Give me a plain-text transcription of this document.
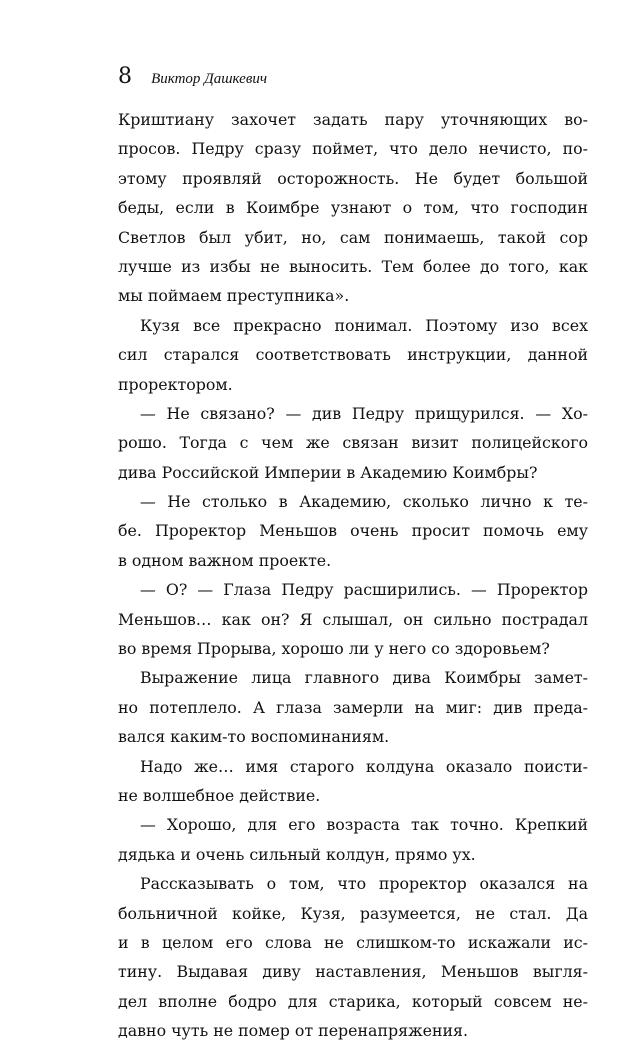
8 Виктор Дашкевич
Криштиану захочет задать пару уточняющих во-
просов. Педру сразу поймет, что дело нечисто, по-
этому проявляй осторожность. Не будет большой
беды, если в Коимбре узнают о том, что господин
Светлов был убит, но, сам понимаешь, такой сор
лучше из избы не выносить. Тем более до того, как
мы поймаем преступника».
Кузя все прекрасно понимал. Поэтому изо всех
сил старался соответствовать инструкции, данной
проректором.
— Не связано? — див Педру прищурился. — Хо-
рошо. Тогда с чем же связан визит полицейского
дива Российской Империи в Академию Коимбры?
— Не столько в Академию, сколько лично к те-
бе. Проректор Меньшов очень просит помочь ему
в одном важном проекте.
— О? — Глаза Педру расширились. — Проректор
Меньшов… как он? Я слышал, он сильно пострадал
во время Прорыва, хорошо ли у него со здоровьем?
Выражение лица главного дива Коимбры замет-
но потеплело. А глаза замерли на миг: див преда-
вался каким-то воспоминаниям.
Надо же… имя старого колдуна оказало поисти-
не волшебное действие.
— Хорошо, для его возраста так точно. Крепкий
дядька и очень сильный колдун, прямо ух.
Рассказывать о том, что проректор оказался на
больничной койке, Кузя, разумеется, не стал. Да
и в целом его слова не слишком-то искажали ис-
тину. Выдавая диву наставления, Меньшов выгля-
дел вполне бодро для старика, который совсем не-
давно чуть не помер от перенапряжения.
